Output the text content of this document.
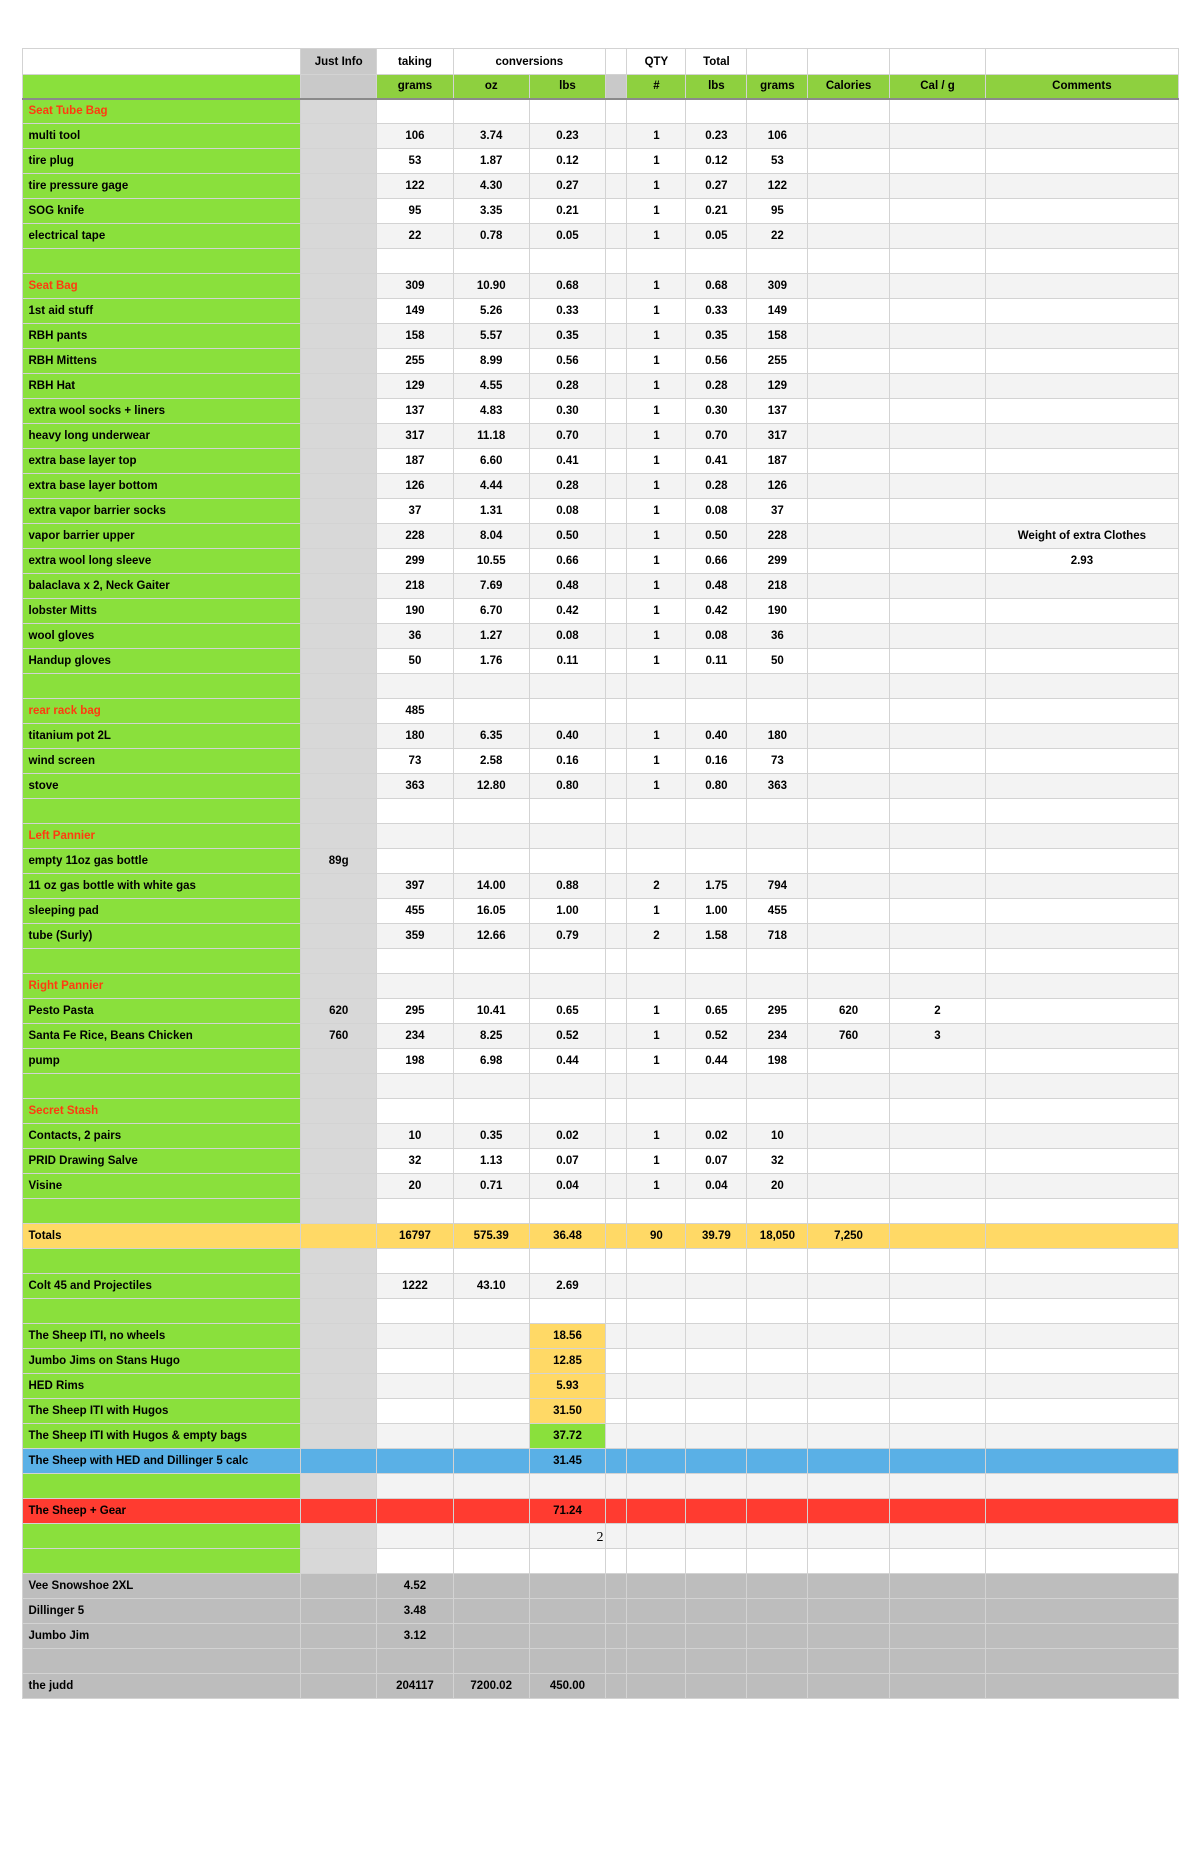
	Just Info	taking	conversions			QTY	Total				
		grams	oz	lbs		#	lbs	grams	Calories	Cal / g	Comments
Seat Tube Bag											
multi tool		106	3.74	0.23		1	0.23	106			
tire plug		53	1.87	0.12		1	0.12	53			
tire pressure gage		122	4.30	0.27		1	0.27	122			
SOG knife		95	3.35	0.21		1	0.21	95			
electrical tape		22	0.78	0.05		1	0.05	22			

Seat Bag		309	10.90	0.68		1	0.68	309			
1st aid stuff		149	5.26	0.33		1	0.33	149			
RBH pants		158	5.57	0.35		1	0.35	158			
RBH Mittens		255	8.99	0.56		1	0.56	255			
RBH Hat		129	4.55	0.28		1	0.28	129			
extra wool socks + liners		137	4.83	0.30		1	0.30	137			
heavy long underwear		317	11.18	0.70		1	0.70	317			
extra base layer top		187	6.60	0.41		1	0.41	187			
extra base layer bottom		126	4.44	0.28		1	0.28	126			
extra vapor barrier socks		37	1.31	0.08		1	0.08	37			
vapor barrier upper		228	8.04	0.50		1	0.50	228			Weight of extra Clothes
extra wool long sleeve		299	10.55	0.66		1	0.66	299			2.93
balaclava x 2, Neck Gaiter		218	7.69	0.48		1	0.48	218			
lobster Mitts		190	6.70	0.42		1	0.42	190			
wool gloves		36	1.27	0.08		1	0.08	36			
Handup gloves		50	1.76	0.11		1	0.11	50			

rear rack bag		485									
titanium pot 2L		180	6.35	0.40		1	0.40	180			
wind screen		73	2.58	0.16		1	0.16	73			
stove		363	12.80	0.80		1	0.80	363			

Left Pannier											
empty 11oz gas bottle	89g										
11 oz gas bottle with white gas		397	14.00	0.88		2	1.75	794			
sleeping pad		455	16.05	1.00		1	1.00	455			
tube (Surly)		359	12.66	0.79		2	1.58	718			

Right Pannier											
Pesto Pasta	620	295	10.41	0.65		1	0.65	295	620	2	
Santa Fe Rice, Beans Chicken	760	234	8.25	0.52		1	0.52	234	760	3	
pump		198	6.98	0.44		1	0.44	198			

Secret Stash											
Contacts, 2 pairs		10	0.35	0.02		1	0.02	10			
PRID Drawing Salve		32	1.13	0.07		1	0.07	32			
Visine		20	0.71	0.04		1	0.04	20			

Totals		16797	575.39	36.48		90	39.79	18,050	7,250		

Colt 45 and Projectiles		1222	43.10	2.69							

The Sheep ITI, no wheels				18.56							
Jumbo Jims on Stans Hugo				12.85							
HED Rims				5.93							
The Sheep ITI with Hugos				31.50							
The Sheep ITI with Hugos & empty bags				37.72							
The Sheep with HED and Dillinger 5 calc				31.45							

The Sheep + Gear				71.24							

Vee Snowshoe 2XL		4.52									
Dillinger 5		3.48									
Jumbo Jim		3.12									

the judd		204117	7200.02	450.00							
2
